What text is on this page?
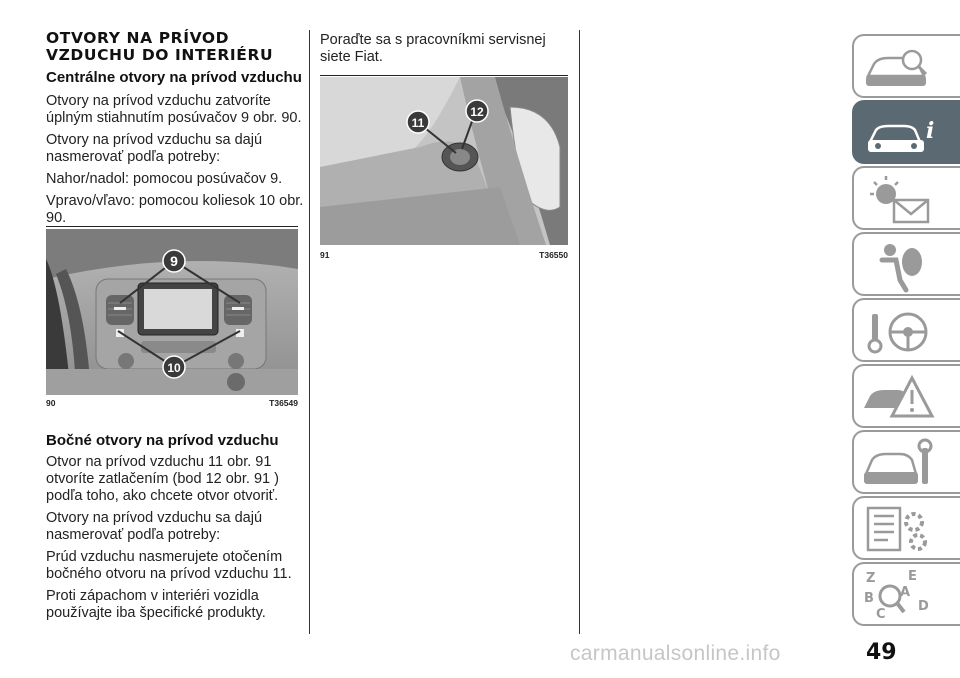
OTVORY NA PRÍVOD
VZDUCHU DO INTERIÉRU
Centrálne otvory na prívod vzduchu

Otvory na prívod vzduchu zatvoríte úplným stiahnutím posúvačov 9 obr. 90.

Otvory na prívod vzduchu sa dajú nasmerovať podľa potreby:

Nahor/nadol: pomocou posúvačov 9.

Vpravo/vľavo: pomocou koliesok 10 obr. 90.

9
10
90	T36549
Bočné otvory na prívod vzduchu

Otvor na prívod vzduchu 11 obr. 91 otvoríte zatlačením (bod 12 obr. 91 ) podľa toho, ako chcete otvor otvoriť.

Otvory na prívod vzduchu sa dajú nasmerovať podľa potreby:

Prúd vzduchu nasmerujete otočením bočného otvoru na prívod vzduchu 11.

Proti zápachom v interiéri vozidla používajte iba špecifické produkty.

Poraďte sa s pracovníkmi servisnej siete Fiat.

11
12
91	T36550
i
Z	E
B A
C
D
49
carmanualsonline.info
